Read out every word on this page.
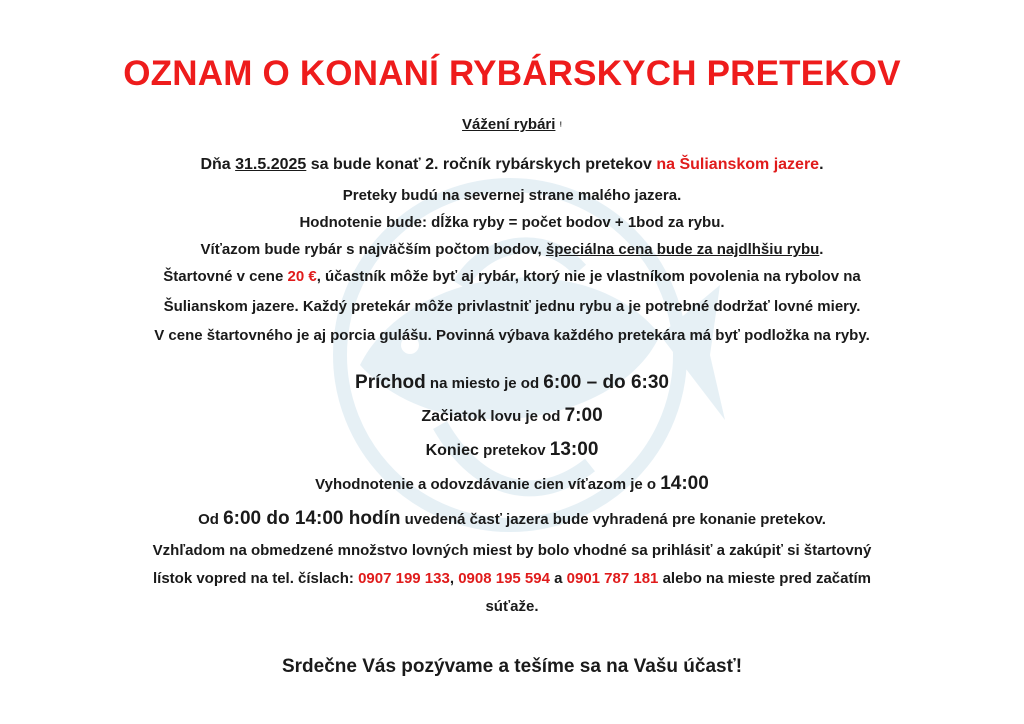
OZNAM O KONANÍ RYBÁRSKYCH PRETEKOV
Vážení rybári !
Dňa 31.5.2025 sa bude konať 2. ročník rybárskych pretekov na Šulianskom jazere.
Preteky budú na severnej strane malého jazera.
Hodnotenie bude: dĺžka ryby = počet bodov + 1bod za rybu.
Víťazom bude rybár s najväčším počtom bodov, špeciálna cena bude za najdlhšiu rybu.
Štartovné v cene 20 €, účastník môže byť aj rybár, ktorý nie je vlastníkom povolenia na rybolov na
Šulianskom jazere. Každý pretekár môže privlastniť jednu rybu a je potrebné dodržať lovné miery.
V cene štartovného je aj porcia gulášu. Povinná výbava každého pretekára má byť podložka na ryby.
Príchod na miesto je od 6:00 – do 6:30
Začiatok lovu je od 7:00
Koniec pretekov 13:00
Vyhodnotenie a odovzdávanie cien víťazom je o 14:00
Od 6:00 do 14:00 hodín uvedená časť jazera bude vyhradená pre konanie pretekov.
Vzhľadom na obmedzené množstvo lovných miest by bolo vhodné sa prihlásiť a zakúpiť si štartovný
lístok vopred na tel. číslach: 0907 199 133, 0908 195 594 a 0901 787 181 alebo na mieste pred začatím
súťaže.
Srdečne Vás pozývame a tešíme sa na Vašu účasť!
